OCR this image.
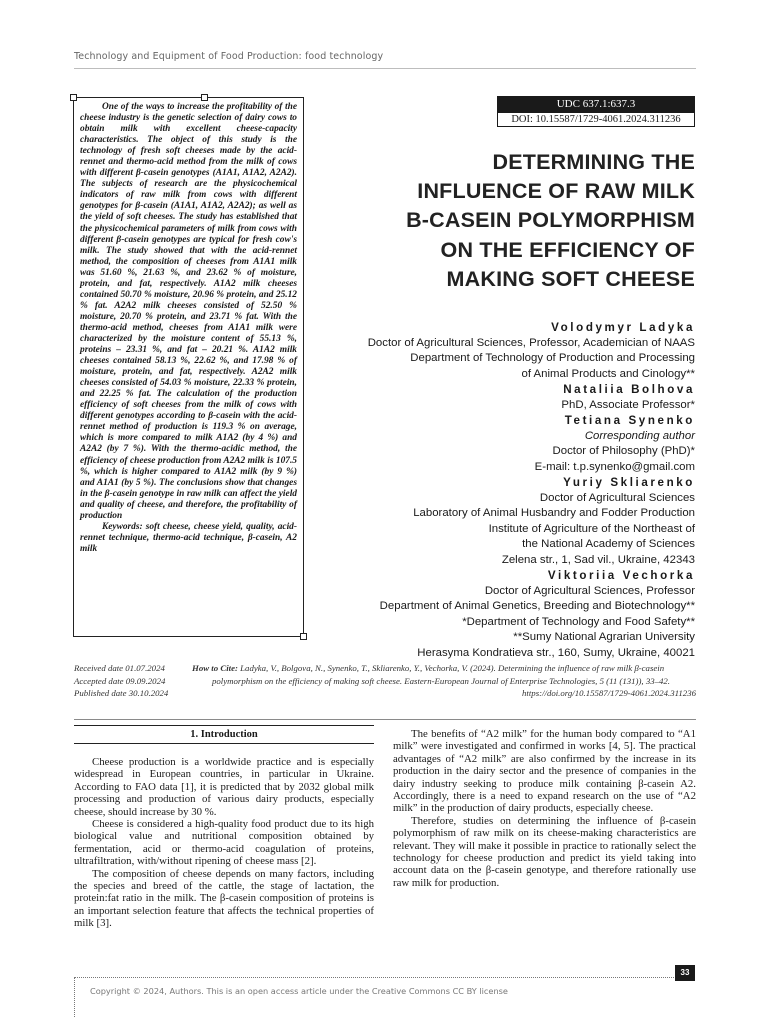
Technology and Equipment of Food Production: food technology

One of the ways to increase the profitability of the cheese industry is the genetic selection of dairy cows to obtain milk with excellent cheese-capacity characteristics. The object of this study is the technology of fresh soft cheeses made by the acid-rennet and thermo-acid method from the milk of cows with different β-casein genotypes (A1A1, A1A2, A2A2). The subjects of research are the physicochemical indicators of raw milk from cows with different genotypes for β-casein (A1A1, A1A2, A2A2); as well as the yield of soft cheeses. The study has established that the physicochemical parameters of milk from cows with different β-casein genotypes are typical for fresh cow's milk. The study showed that with the acid-rennet method, the composition of cheeses from A1A1 milk was 51.60 %, 21.63 %, and 23.62 % of moisture, protein, and fat, respectively. A1A2 milk cheeses contained 50.70 % moisture, 20.96 % protein, and 25.12 % fat. A2A2 milk cheeses consisted of 52.50 % moisture, 20.70 % protein, and 23.71 % fat. With the thermo-acid method, cheeses from A1A1 milk were characterized by the moisture content of 55.13 %, proteins – 23.31 %, and fat – 20.21 %. A1A2 milk cheeses contained 58.13 %, 22.62 %, and 17.98 % of moisture, protein, and fat, respectively. A2A2 milk cheeses consisted of 54.03 % moisture, 22.33 % protein, and 22.25 % fat. The calculation of the production efficiency of soft cheeses from the milk of cows with different genotypes according to β-casein with the acid-rennet method of production is 119.3 % on average, which is more compared to milk A1A2 (by 4 %) and A2A2 (by 7 %). With the thermo-acidic method, the efficiency of cheese production from A2A2 milk is 107.5 %, which is higher compared to A1A2 milk (by 9 %) and A1A1 (by 5 %). The conclusions show that changes in the β-casein genotype in raw milk can affect the yield and quality of cheese, and therefore, the profitability of production

Keywords: soft cheese, cheese yield, quality, acid-rennet technique, thermo-acid technique, β-casein, A2 milk

UDC 637.1:637.3
DOI: 10.15587/1729-4061.2024.311236
DETERMINING THE
INFLUENCE OF RAW MILK
Β-CASEIN POLYMORPHISM
ON THE EFFICIENCY OF
MAKING SOFT CHEESE
Volodymyr Ladyka
Doctor of Agricultural Sciences, Professor, Academician of NAAS
Department of Technology of Production and Processing
of Animal Products and Cinology**
Nataliia Bolhova
PhD, Associate Professor*
Tetiana Synenko
Corresponding author
Doctor of Philosophy (PhD)*
E-mail: t.p.synenko@gmail.com
Yuriy Skliarenko
Doctor of Agricultural Sciences
Laboratory of Animal Husbandry and Fodder Production
Institute of Agriculture of the Northeast of
the National Academy of Sciences
Zelena str., 1, Sad vil., Ukraine, 42343
Viktoriia Vechorka
Doctor of Agricultural Sciences, Professor
Department of Animal Genetics, Breeding and Biotechnology**
*Department of Technology and Food Safety**
**Sumy National Agrarian University
Herasyma Kondratieva str., 160, Sumy, Ukraine, 40021
Received date 01.07.2024
Accepted date 09.09.2024
Published date 30.10.2024
How to Cite: Ladyka, V., Bolgova, N., Synenko, T., Skliarenko, Y., Vechorka, V. (2024). Determining the influence of raw milk β-casein
polymorphism on the efficiency of making soft cheese. Eastern-European Journal of Enterprise Technologies, 5 (11 (131)), 33–42.
https://doi.org/10.15587/1729-4061.2024.311236
1. Introduction

Cheese production is a worldwide practice and is especially widespread in European countries, in particular in Ukraine. According to FAO data [1], it is predicted that by 2032 global milk processing and production of various dairy products, especially cheese, should increase by 30 %.

Cheese is considered a high-quality food product due to its high biological value and nutritional composition obtained by fermentation, acid or thermo-acid coagulation of proteins, ultrafiltration, with/without ripening of cheese mass [2].

The composition of cheese depends on many factors, including the species and breed of the cattle, the stage of lactation, the protein:fat ratio in the milk. The β-casein composition of proteins is an important selection feature that affects the technical properties of milk [3].

The benefits of “A2 milk” for the human body compared to “A1 milk” were investigated and confirmed in works [4, 5]. The practical advantages of “A2 milk” are also confirmed by the increase in its production in the dairy sector and the presence of companies in the dairy industry seeking to produce milk containing β-casein A2. Accordingly, there is a need to expand research on the use of “A2 milk” in the production of dairy products, especially cheese.

Therefore, studies on determining the influence of β-casein polymorphism of raw milk on its cheese-making characteristics are relevant. They will make it possible in practice to rationally select the technology for cheese production and predict its yield taking into account data on the β-casein genotype, and therefore rationally use raw milk for production.

33
Copyright © 2024, Authors. This is an open access article under the Creative Commons CC BY license
